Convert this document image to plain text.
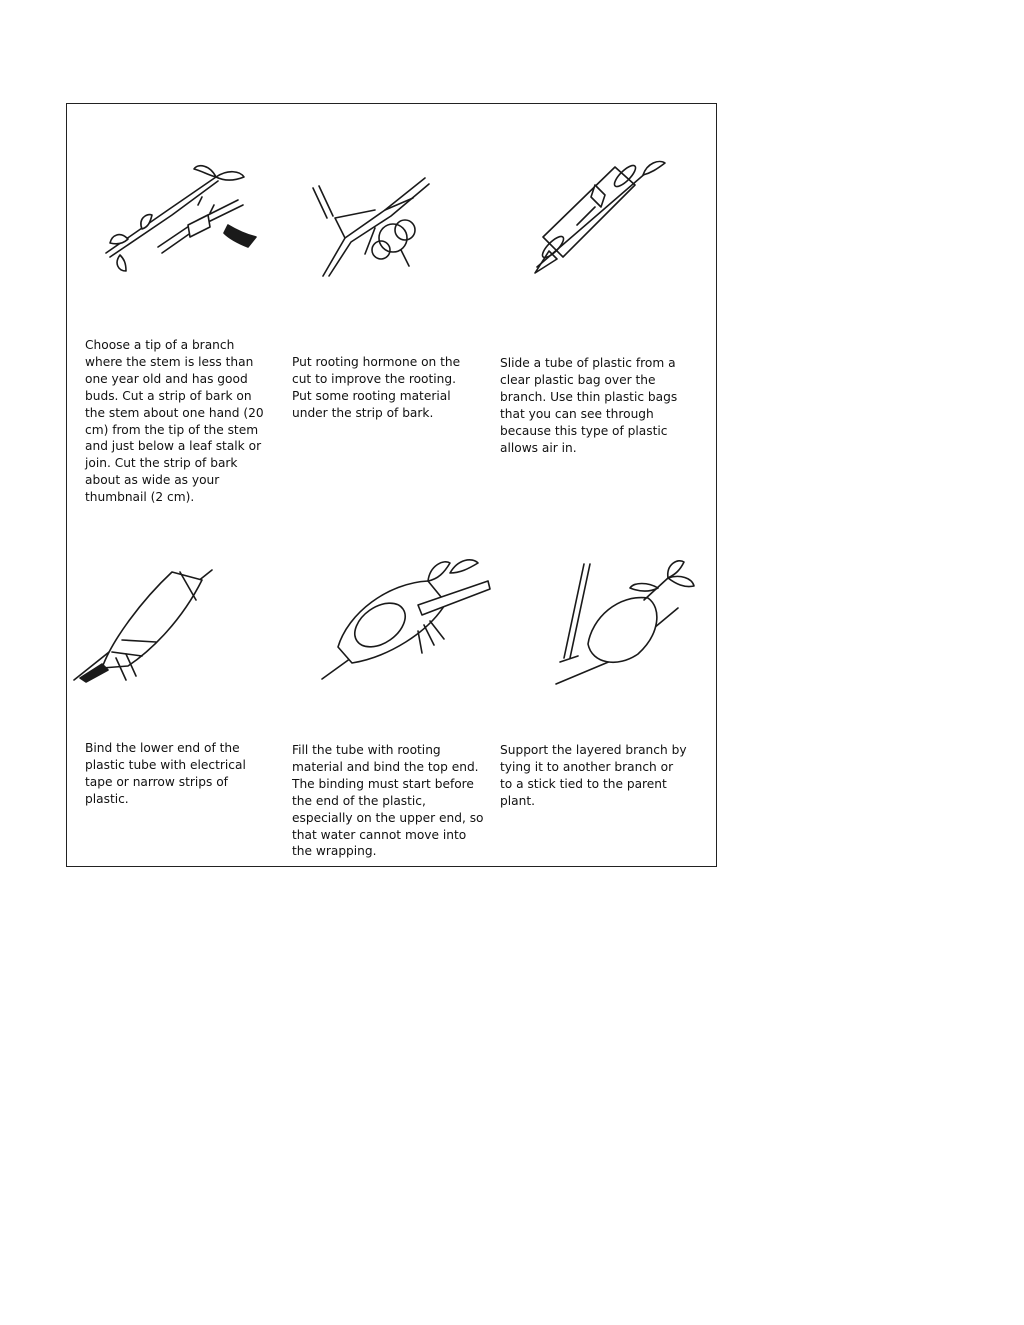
Choose a tip of a branch
where the stem is less than
one year old and has good
buds. Cut a strip of bark on
the stem about one hand (20
cm) from the tip of the stem
and just below a leaf stalk or
join. Cut the strip of bark
about as wide as your
thumbnail (2 cm).
Put rooting hormone on the
cut to improve the rooting.
Put some rooting material
under the strip of bark.
Slide a tube of plastic from a
clear plastic bag over the
branch. Use thin plastic bags
that you can see through
because this type of plastic
allows air in.
Bind the lower end of the
plastic tube with electrical
tape or narrow strips of
plastic.
Fill the tube with rooting
material and bind the top end.
The binding must start before
the end of the plastic,
especially on the upper end, so
that water cannot move into
the wrapping.
Support the layered branch by
tying it to another branch or
to a stick tied to the parent
plant.
